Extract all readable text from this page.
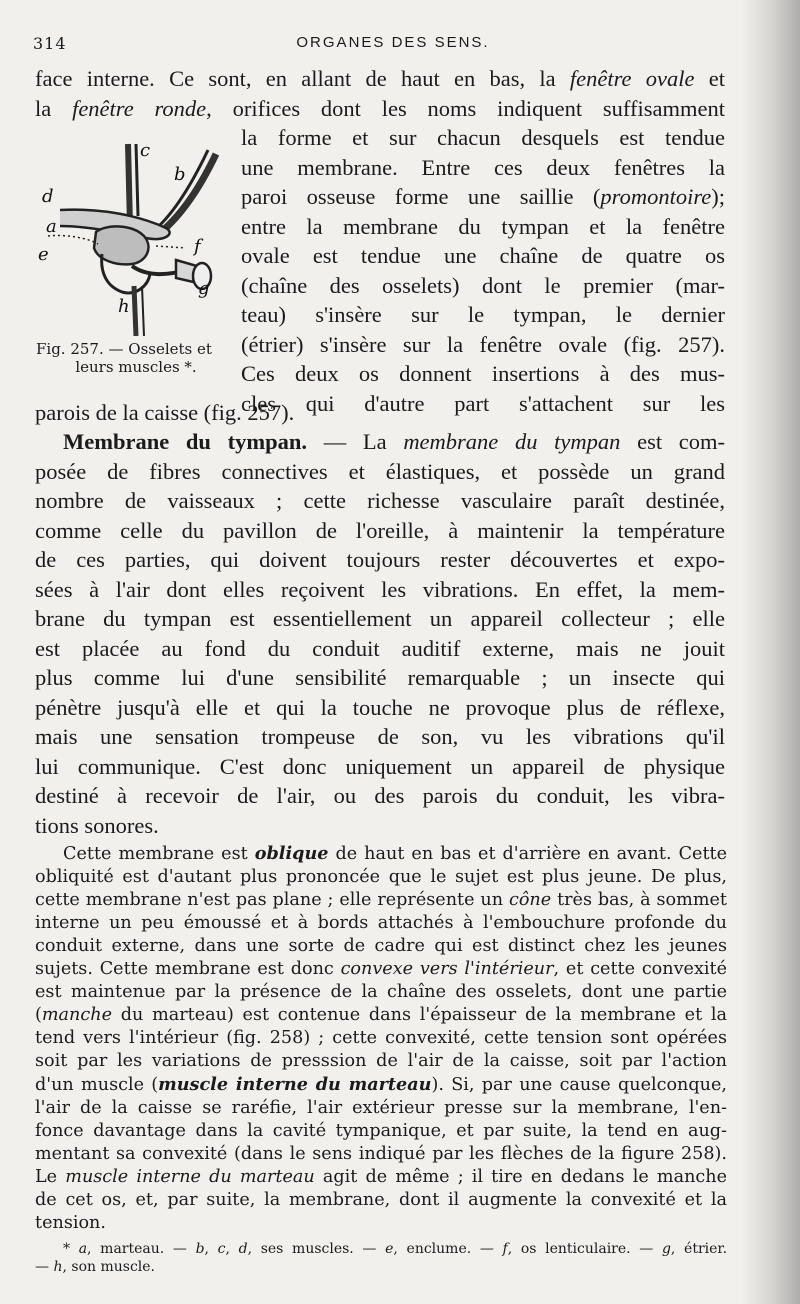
314	ORGANES DES SENS.
face interne. Ce sont, en allant de haut en bas, la fenêtre ovale et
la fenêtre ronde, orifices dont les noms indiquent suffisamment
la forme et sur chacun desquels est tendue
une membrane. Entre ces deux fenêtres la
paroi osseuse forme une saillie (promontoire);
entre la membrane du tympan et la fenêtre
ovale est tendue une chaîne de quatre os
(chaîne des osselets) dont le premier (mar-
teau) s'insère sur le tympan, le dernier
(étrier) s'insère sur la fenêtre ovale (fig. 257).
Ces deux os donnent insertions à des mus-
cles qui d'autre part s'attachent sur les
c
b
d
a
e	f
g
h
Fig. 257. — Osselets et
leurs muscles *.
parois de la caisse (fig. 257).
Membrane du tympan. — La membrane du tympan est com-
posée de fibres connectives et élastiques, et possède un grand
nombre de vaisseaux ; cette richesse vasculaire paraît destinée,
comme celle du pavillon de l'oreille, à maintenir la température
de ces parties, qui doivent toujours rester découvertes et expo-
sées à l'air dont elles reçoivent les vibrations. En effet, la mem-
brane du tympan est essentiellement un appareil collecteur ; elle
est placée au fond du conduit auditif externe, mais ne jouit
plus comme lui d'une sensibilité remarquable ; un insecte qui
pénètre jusqu'à elle et qui la touche ne provoque plus de réflexe,
mais une sensation trompeuse de son, vu les vibrations qu'il
lui communique. C'est donc uniquement un appareil de physique
destiné à recevoir de l'air, ou des parois du conduit, les vibra-
tions sonores.
Cette membrane est oblique de haut en bas et d'arrière en avant. Cette
obliquité est d'autant plus prononcée que le sujet est plus jeune. De plus,
cette membrane n'est pas plane ; elle représente un cône très bas, à sommet
interne un peu émoussé et à bords attachés à l'embouchure profonde du
conduit externe, dans une sorte de cadre qui est distinct chez les jeunes
sujets. Cette membrane est donc convexe vers l'intérieur, et cette convexité
est maintenue par la présence de la chaîne des osselets, dont une partie
(manche du marteau) est contenue dans l'épaisseur de la membrane et la
tend vers l'intérieur (fig. 258) ; cette convexité, cette tension sont opérées
soit par les variations de presssion de l'air de la caisse, soit par l'action
d'un muscle (muscle interne du marteau). Si, par une cause quelconque,
l'air de la caisse se raréfie, l'air extérieur presse sur la membrane, l'en-
fonce davantage dans la cavité tympanique, et par suite, la tend en aug-
mentant sa convexité (dans le sens indiqué par les flèches de la figure 258).
Le muscle interne du marteau agit de même ; il tire en dedans le manche
de cet os, et, par suite, la membrane, dont il augmente la convexité et la
tension.
* a, marteau. — b, c, d, ses muscles. — e, enclume. — f, os lenticulaire. — g, étrier.
— h, son muscle.
